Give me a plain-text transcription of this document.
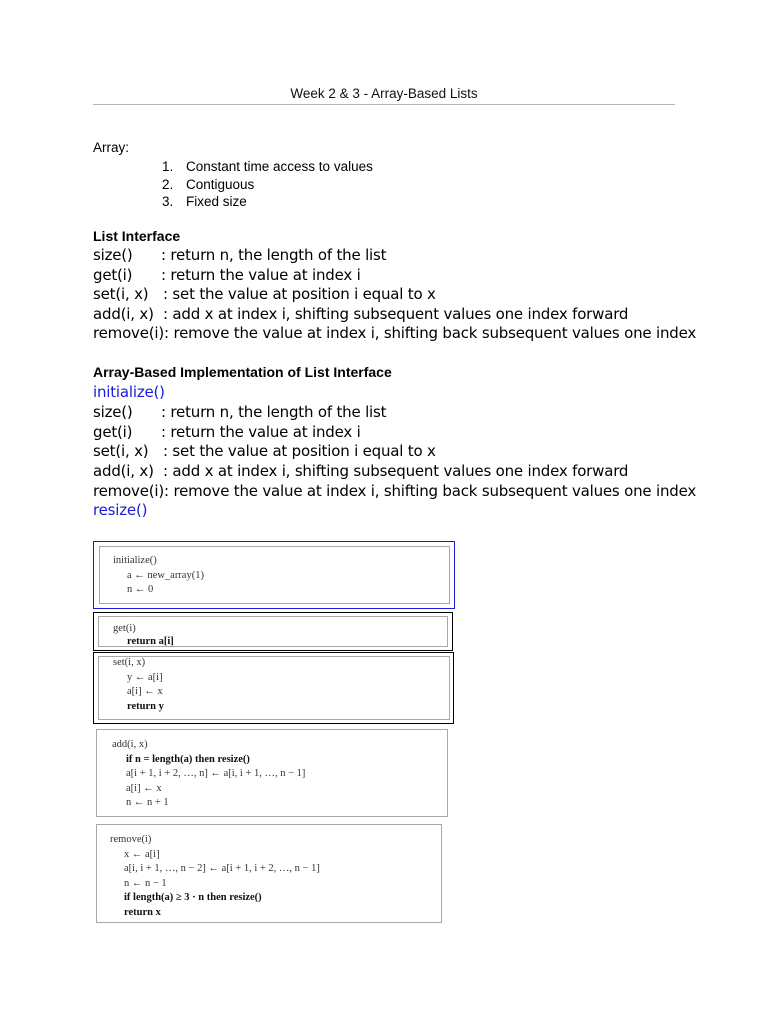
Week 2 & 3 - Array-Based Lists
Array:
1. Constant time access to values
2. Contiguous
3. Fixed size
List Interface
size() : return n, the length of the list
get(i) : return the value at index i
set(i, x) : set the value at position i equal to x
add(i, x) : add x at index i, shifting subsequent values one index forward
remove(i): remove the value at index i, shifting back subsequent values one index
Array-Based Implementation of List Interface
initialize()
size() : return n, the length of the list
get(i) : return the value at index i
set(i, x) : set the value at position i equal to x
add(i, x) : add x at index i, shifting subsequent values one index forward
remove(i): remove the value at index i, shifting back subsequent values one index
resize()
initialize()
a ← new_array(1)
n ← 0
get(i)
return a[i]
set(i, x)
y ← a[i]
a[i] ← x
return y
add(i, x)
if n = length(a) then resize()
a[i + 1, i + 2, …, n] ← a[i, i + 1, …, n − 1]
a[i] ← x
n ← n + 1
remove(i)
x ← a[i]
a[i, i + 1, …, n − 2] ← a[i + 1, i + 2, …, n − 1]
n ← n − 1
if length(a) ≥ 3 · n then resize()
return x
